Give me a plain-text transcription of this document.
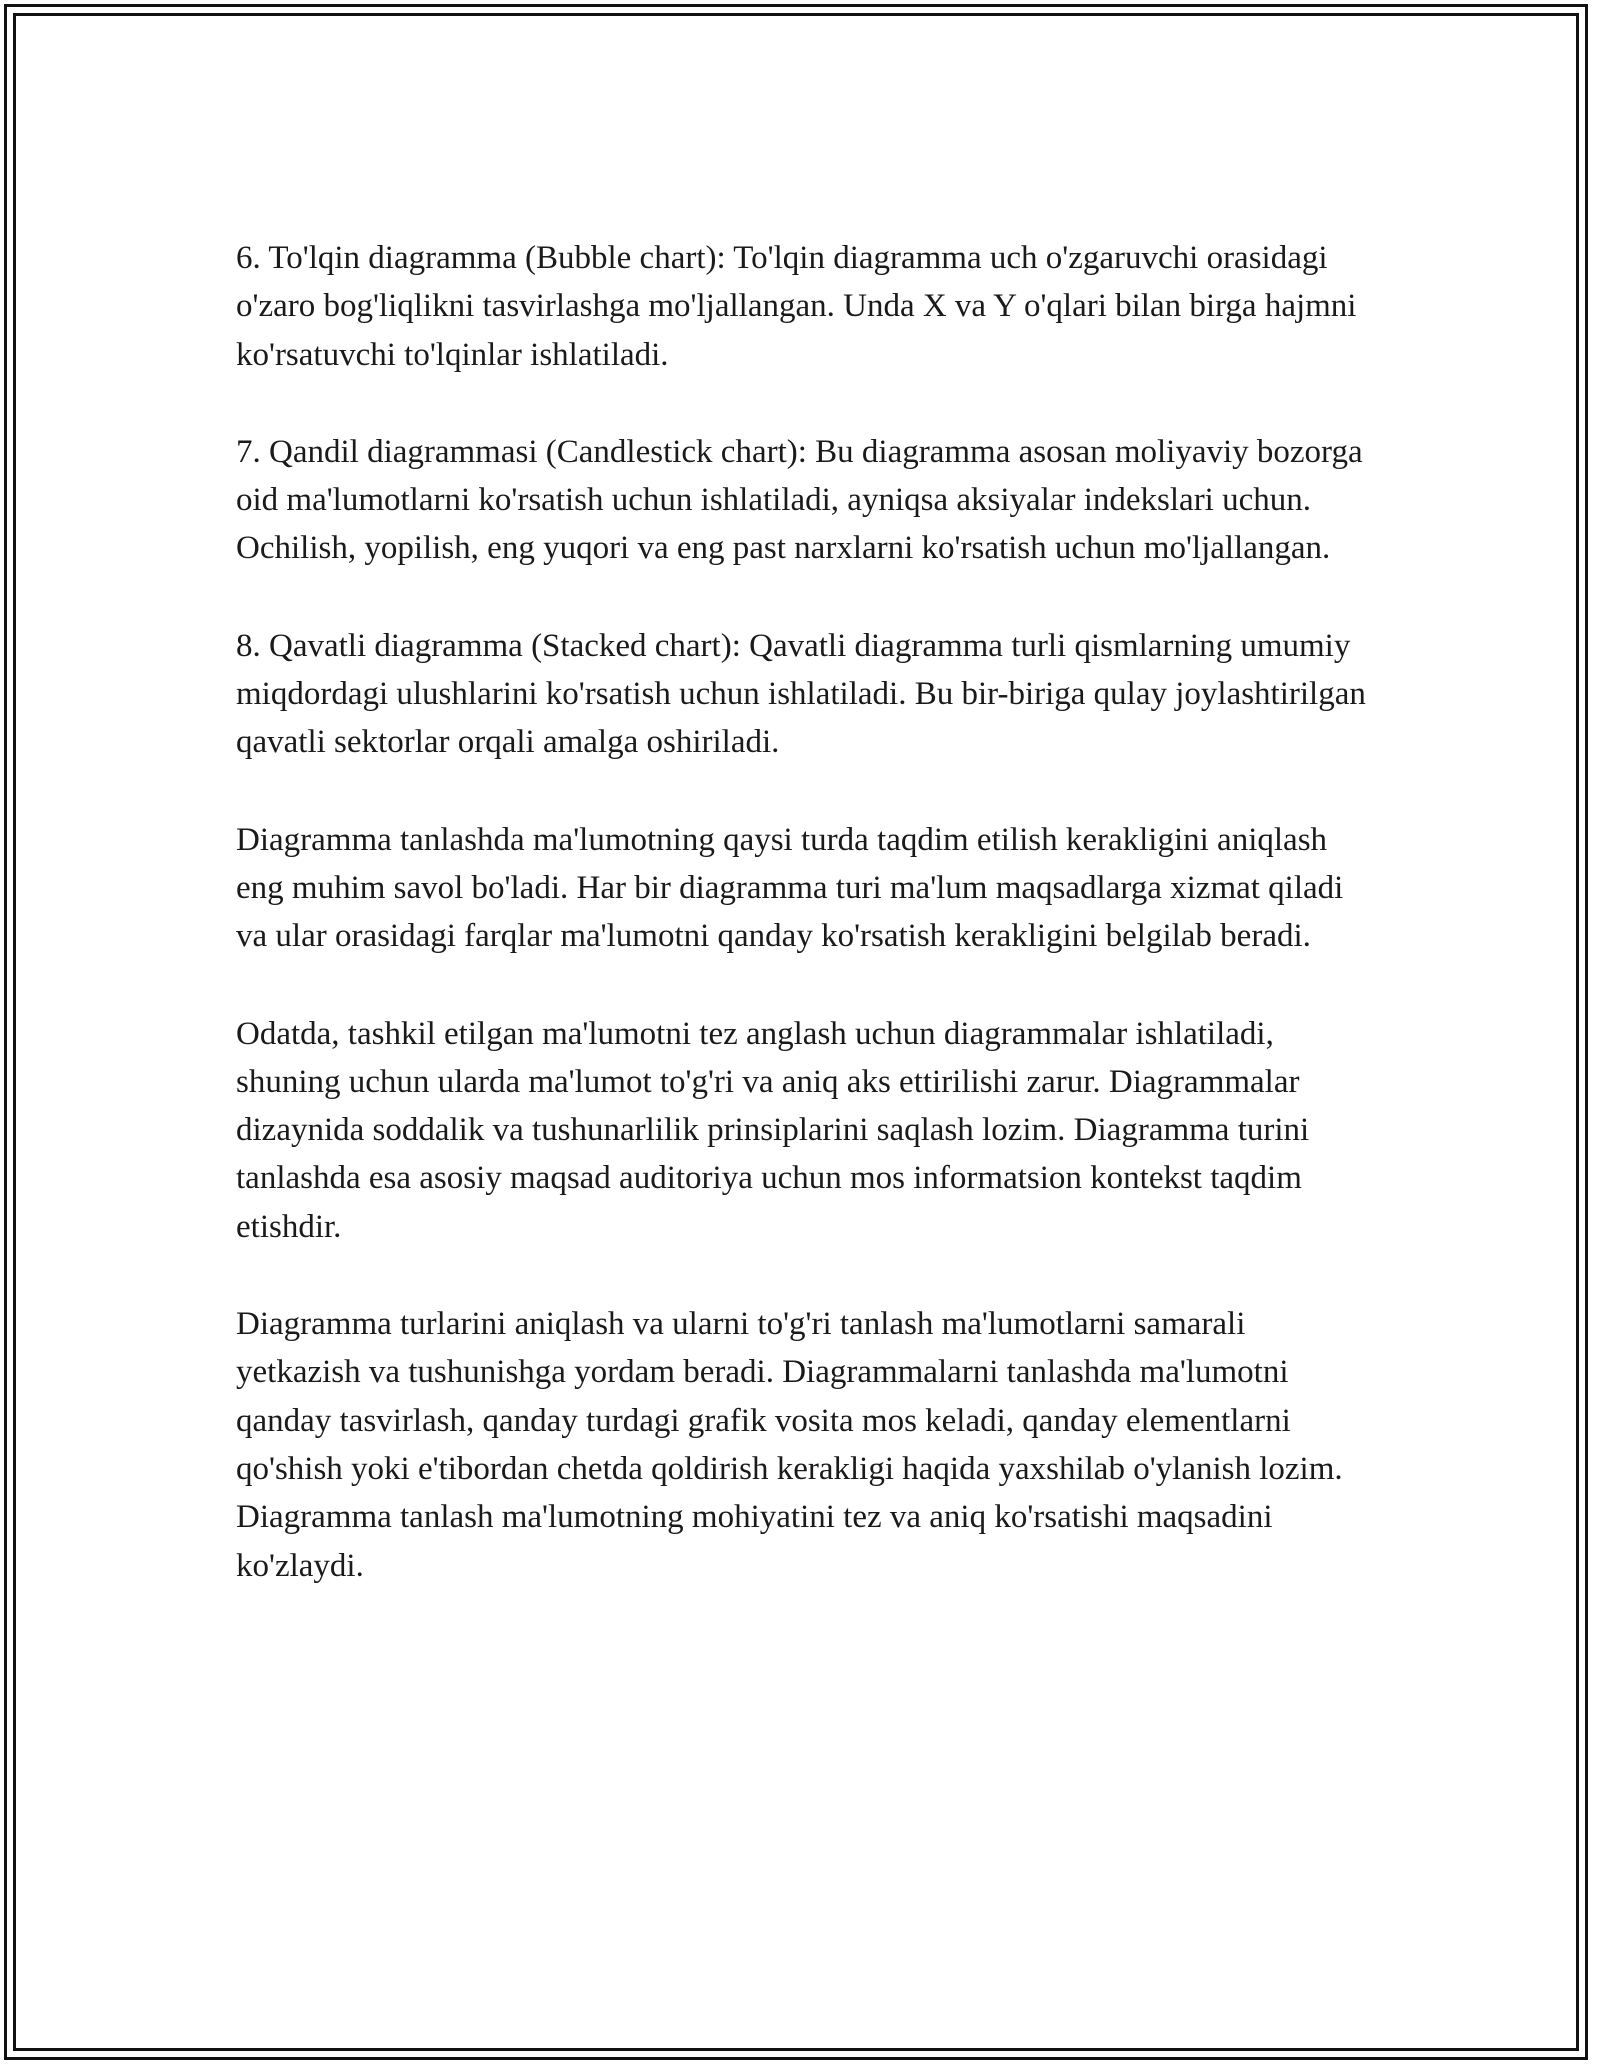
6. To'lqin diagramma (Bubble chart): To'lqin diagramma uch o'zgaruvchi orasidagi o'zaro bog'liqlikni tasvirlashga mo'ljallangan. Unda X va Y o'qlari bilan birga hajmni ko'rsatuvchi to'lqinlar ishlatiladi.

7. Qandil diagrammasi (Candlestick chart): Bu diagramma asosan moliyaviy bozorga oid ma'lumotlarni ko'rsatish uchun ishlatiladi, ayniqsa aksiyalar indekslari uchun. Ochilish, yopilish, eng yuqori va eng past narxlarni ko'rsatish uchun mo'ljallangan.

8. Qavatli diagramma (Stacked chart): Qavatli diagramma turli qismlarning umumiy miqdordagi ulushlarini ko'rsatish uchun ishlatiladi. Bu bir-biriga qulay joylashtirilgan qavatli sektorlar orqali amalga oshiriladi.

Diagramma tanlashda ma'lumotning qaysi turda taqdim etilish kerakligini aniqlash eng muhim savol bo'ladi. Har bir diagramma turi ma'lum maqsadlarga xizmat qiladi va ular orasidagi farqlar ma'lumotni qanday ko'rsatish kerakligini belgilab beradi.

Odatda, tashkil etilgan ma'lumotni tez anglash uchun diagrammalar ishlatiladi, shuning uchun ularda ma'lumot to'g'ri va aniq aks ettirilishi zarur. Diagrammalar dizaynida soddalik va tushunarlilik prinsiplarini saqlash lozim. Diagramma turini tanlashda esa asosiy maqsad auditoriya uchun mos informatsion kontekst taqdim etishdir.

Diagramma turlarini aniqlash va ularni to'g'ri tanlash ma'lumotlarni samarali yetkazish va tushunishga yordam beradi. Diagrammalarni tanlashda ma'lumotni qanday tasvirlash, qanday turdagi grafik vosita mos keladi, qanday elementlarni qo'shish yoki e'tibordan chetda qoldirish kerakligi haqida yaxshilab o'ylanish lozim. Diagramma tanlash ma'lumotning mohiyatini tez va aniq ko'rsatishi maqsadini ko'zlaydi.
